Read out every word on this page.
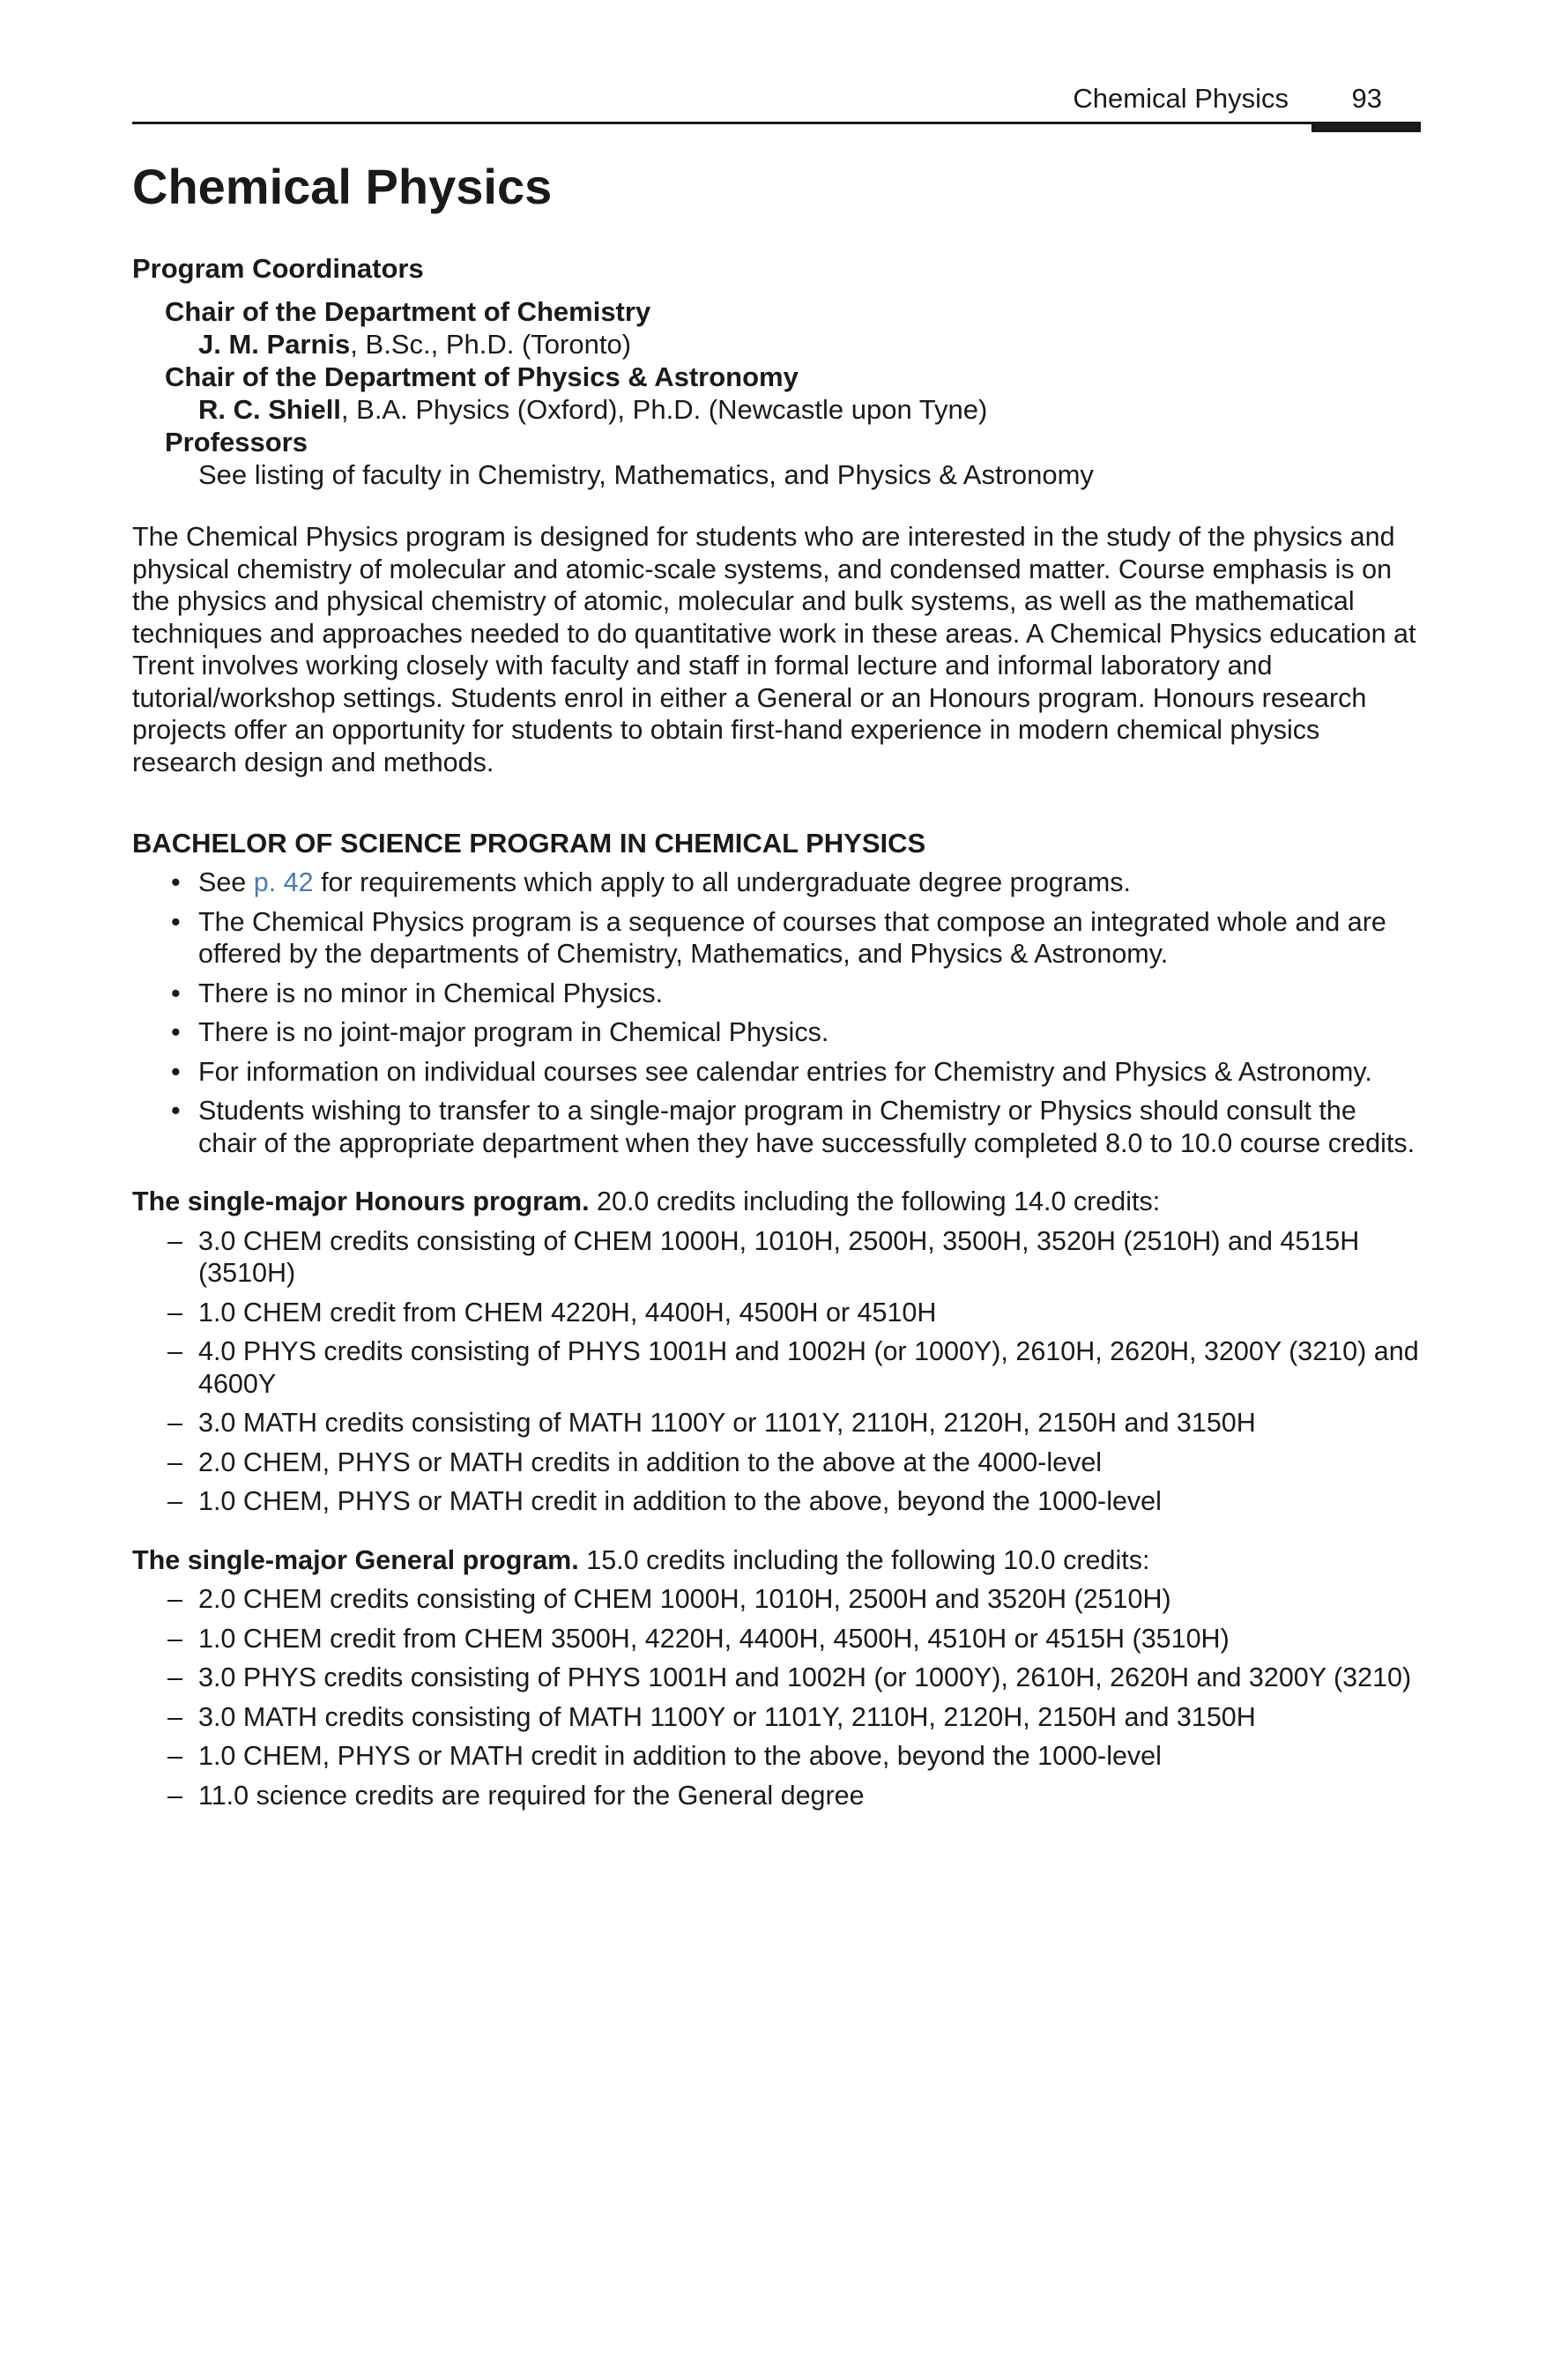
Chemical Physics 93
Chemical Physics
Program Coordinators
Chair of the Department of Chemistry
J. M. Parnis, B.Sc., Ph.D. (Toronto)
Chair of the Department of Physics & Astronomy
R. C. Shiell, B.A. Physics (Oxford), Ph.D. (Newcastle upon Tyne)
Professors
See listing of faculty in Chemistry, Mathematics, and Physics & Astronomy

The Chemical Physics program is designed for students who are interested in the study of the physics and physical chemistry of molecular and atomic-scale systems, and condensed matter. Course emphasis is on the physics and physical chemistry of atomic, molecular and bulk systems, as well as the mathematical techniques and approaches needed to do quantitative work in these areas. A Chemical Physics education at Trent involves working closely with faculty and staff in formal lecture and informal laboratory and tutorial/workshop settings. Students enrol in either a General or an Honours program. Honours research projects offer an opportunity for students to obtain first-hand experience in modern chemical physics research design and methods.

BACHELOR OF SCIENCE PROGRAM IN CHEMICAL PHYSICS
• See p. 42 for requirements which apply to all undergraduate degree programs.
• The Chemical Physics program is a sequence of courses that compose an integrated whole and are offered by the departments of Chemistry, Mathematics, and Physics & Astronomy.
• There is no minor in Chemical Physics.
• There is no joint-major program in Chemical Physics.
• For information on individual courses see calendar entries for Chemistry and Physics & Astronomy.
• Students wishing to transfer to a single-major program in Chemistry or Physics should consult the chair of the appropriate department when they have successfully completed 8.0 to 10.0 course credits.
The single-major Honours program. 20.0 credits including the following 14.0 credits:
– 3.0 CHEM credits consisting of CHEM 1000H, 1010H, 2500H, 3500H, 3520H (2510H) and 4515H (3510H)
– 1.0 CHEM credit from CHEM 4220H, 4400H, 4500H or 4510H
– 4.0 PHYS credits consisting of PHYS 1001H and 1002H (or 1000Y), 2610H, 2620H, 3200Y (3210) and 4600Y
– 3.0 MATH credits consisting of MATH 1100Y or 1101Y, 2110H, 2120H, 2150H and 3150H
– 2.0 CHEM, PHYS or MATH credits in addition to the above at the 4000-level
– 1.0 CHEM, PHYS or MATH credit in addition to the above, beyond the 1000-level
The single-major General program. 15.0 credits including the following 10.0 credits:
– 2.0 CHEM credits consisting of CHEM 1000H, 1010H, 2500H and 3520H (2510H)
– 1.0 CHEM credit from CHEM 3500H, 4220H, 4400H, 4500H, 4510H or 4515H (3510H)
– 3.0 PHYS credits consisting of PHYS 1001H and 1002H (or 1000Y), 2610H, 2620H and 3200Y (3210)
– 3.0 MATH credits consisting of MATH 1100Y or 1101Y, 2110H, 2120H, 2150H and 3150H
– 1.0 CHEM, PHYS or MATH credit in addition to the above, beyond the 1000-level
– 11.0 science credits are required for the General degree
